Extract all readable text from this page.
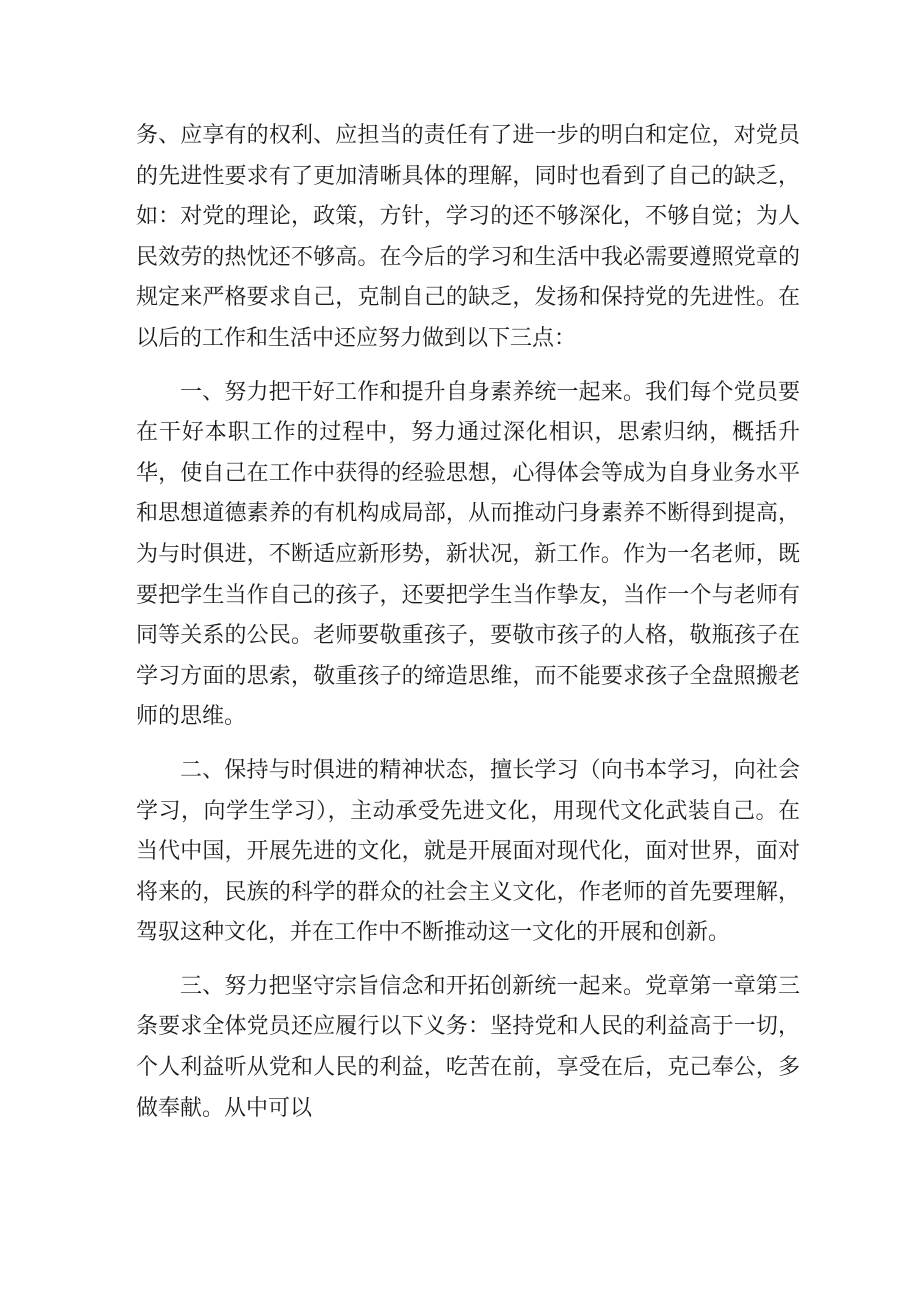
务、应享有的权利、应担当的责任有了进一步的明白和定位，对党员的先进性要求有了更加清晰具体的理解，同时也看到了自己的缺乏，如：对党的理论，政策，方针，学习的还不够深化，不够自觉；为人民效劳的热忱还不够高。在今后的学习和生活中我必需要遵照党章的规定来严格要求自己，克制自己的缺乏，发扬和保持党的先进性。在以后的工作和生活中还应努力做到以下三点：

一、努力把干好工作和提升自身素养统一起来。我们每个党员要在干好本职工作的过程中，努力通过深化相识，思索归纳，概括升华，使自己在工作中获得的经验思想，心得体会等成为自身业务水平和思想道德素养的有机构成局部，从而推动闩身素养不断得到提高，为与时俱进，不断适应新形势，新状况，新工作。作为一名老师，既要把学生当作自己的孩子，还要把学生当作挚友，当作一个与老师有同等关系的公民。老师要敬重孩子，要敬市孩子的人格，敬瓶孩子在学习方面的思索，敬重孩子的缔造思维，而不能要求孩子全盘照搬老师的思维。

二、保持与时俱进的精神状态，擅长学习（向书本学习，向社会学习，向学生学习），主动承受先进文化，用现代文化武装自己。在当代中国，开展先进的文化，就是开展面对现代化，面对世界，面对将来的，民族的科学的群众的社会主义文化，作老师的首先要理解，驾驭这种文化，并在工作中不断推动这一文化的开展和创新。

三、努力把坚守宗旨信念和开拓创新统一起来。党章第一章第三条要求全体党员还应履行以下义务：坚持党和人民的利益高于一切，个人利益听从党和人民的利益，吃苦在前，享受在后，克己奉公，多做奉献。从中可以
